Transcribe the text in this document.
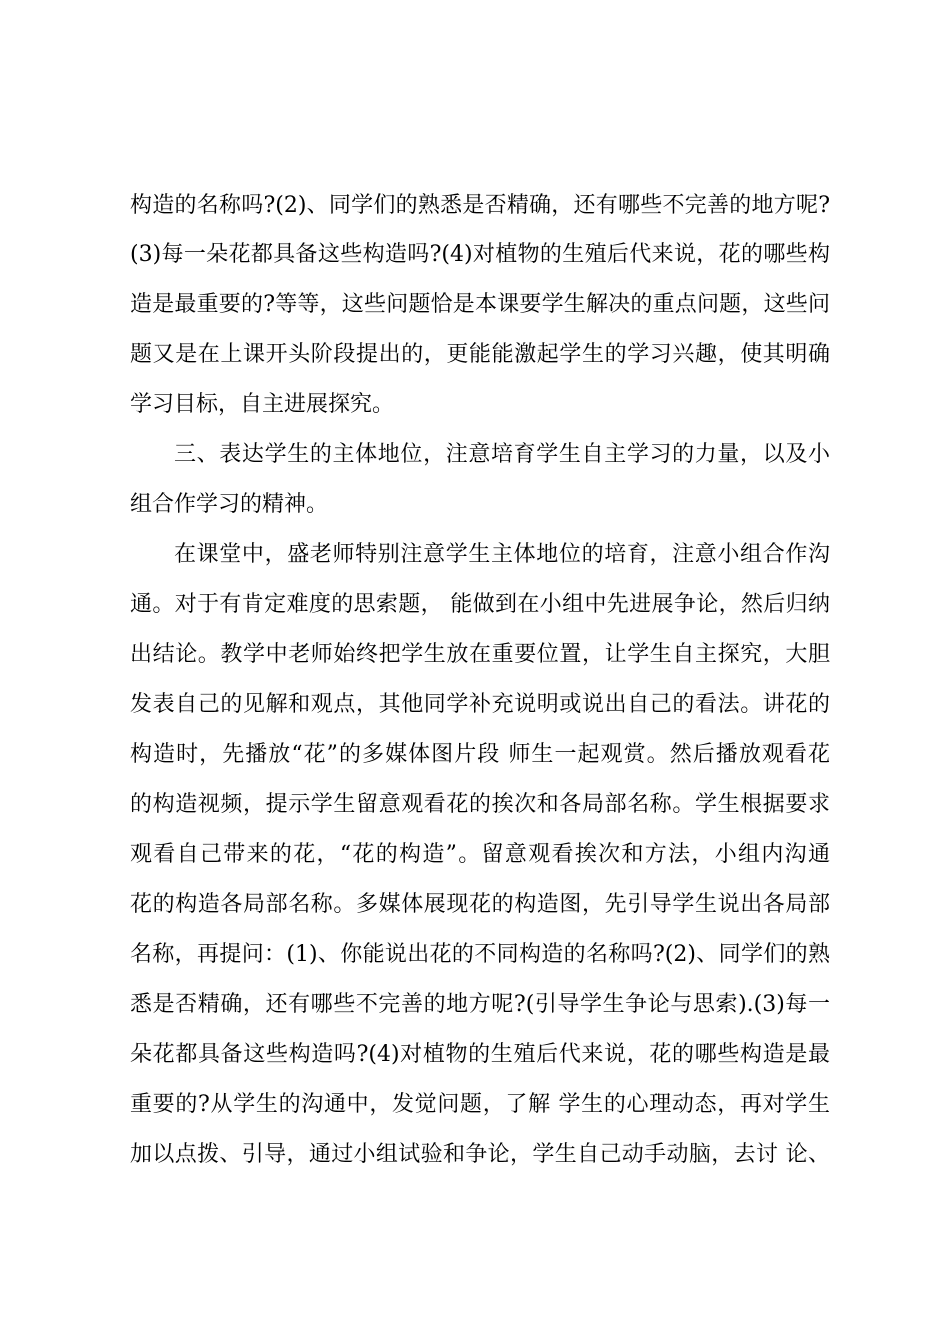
构造的名称吗?(2)、同学们的熟悉是否精确，还有哪些不完善的地方呢?
(3)每一朵花都具备这些构造吗?(4)对植物的生殖后代来说，花的哪些构
造是最重要的?等等，这些问题恰是本课要学生解决的重点问题，这些问
题又是在上课开头阶段提出的，更能能激起学生的学习兴趣，使其明确
学习目标，自主进展探究。
三、表达学生的主体地位，注意培育学生自主学习的力量，以及小
组合作学习的精神。
在课堂中，盛老师特别注意学生主体地位的培育，注意小组合作沟
通。对于有肯定难度的思索题， 能做到在小组中先进展争论，然后归纳
出结论。教学中老师始终把学生放在重要位置，让学生自主探究，大胆
发表自己的见解和观点，其他同学补充说明或说出自己的看法。讲花的
构造时，先播放“花”的多媒体图片段 师生一起观赏。然后播放观看花
的构造视频，提示学生留意观看花的挨次和各局部名称。学生根据要求
观看自己带来的花，“花的构造”。留意观看挨次和方法，小组内沟通
花的构造各局部名称。多媒体展现花的构造图，先引导学生说出各局部
名称，再提问：(1)、你能说出花的不同构造的名称吗?(2)、同学们的熟
悉是否精确，还有哪些不完善的地方呢?(引导学生争论与思索).(3)每一
朵花都具备这些构造吗?(4)对植物的生殖后代来说，花的哪些构造是最
重要的?从学生的沟通中，发觉问题，了解 学生的心理动态，再对学生
加以点拨、引导，通过小组试验和争论，学生自己动手动脑，去讨 论、
